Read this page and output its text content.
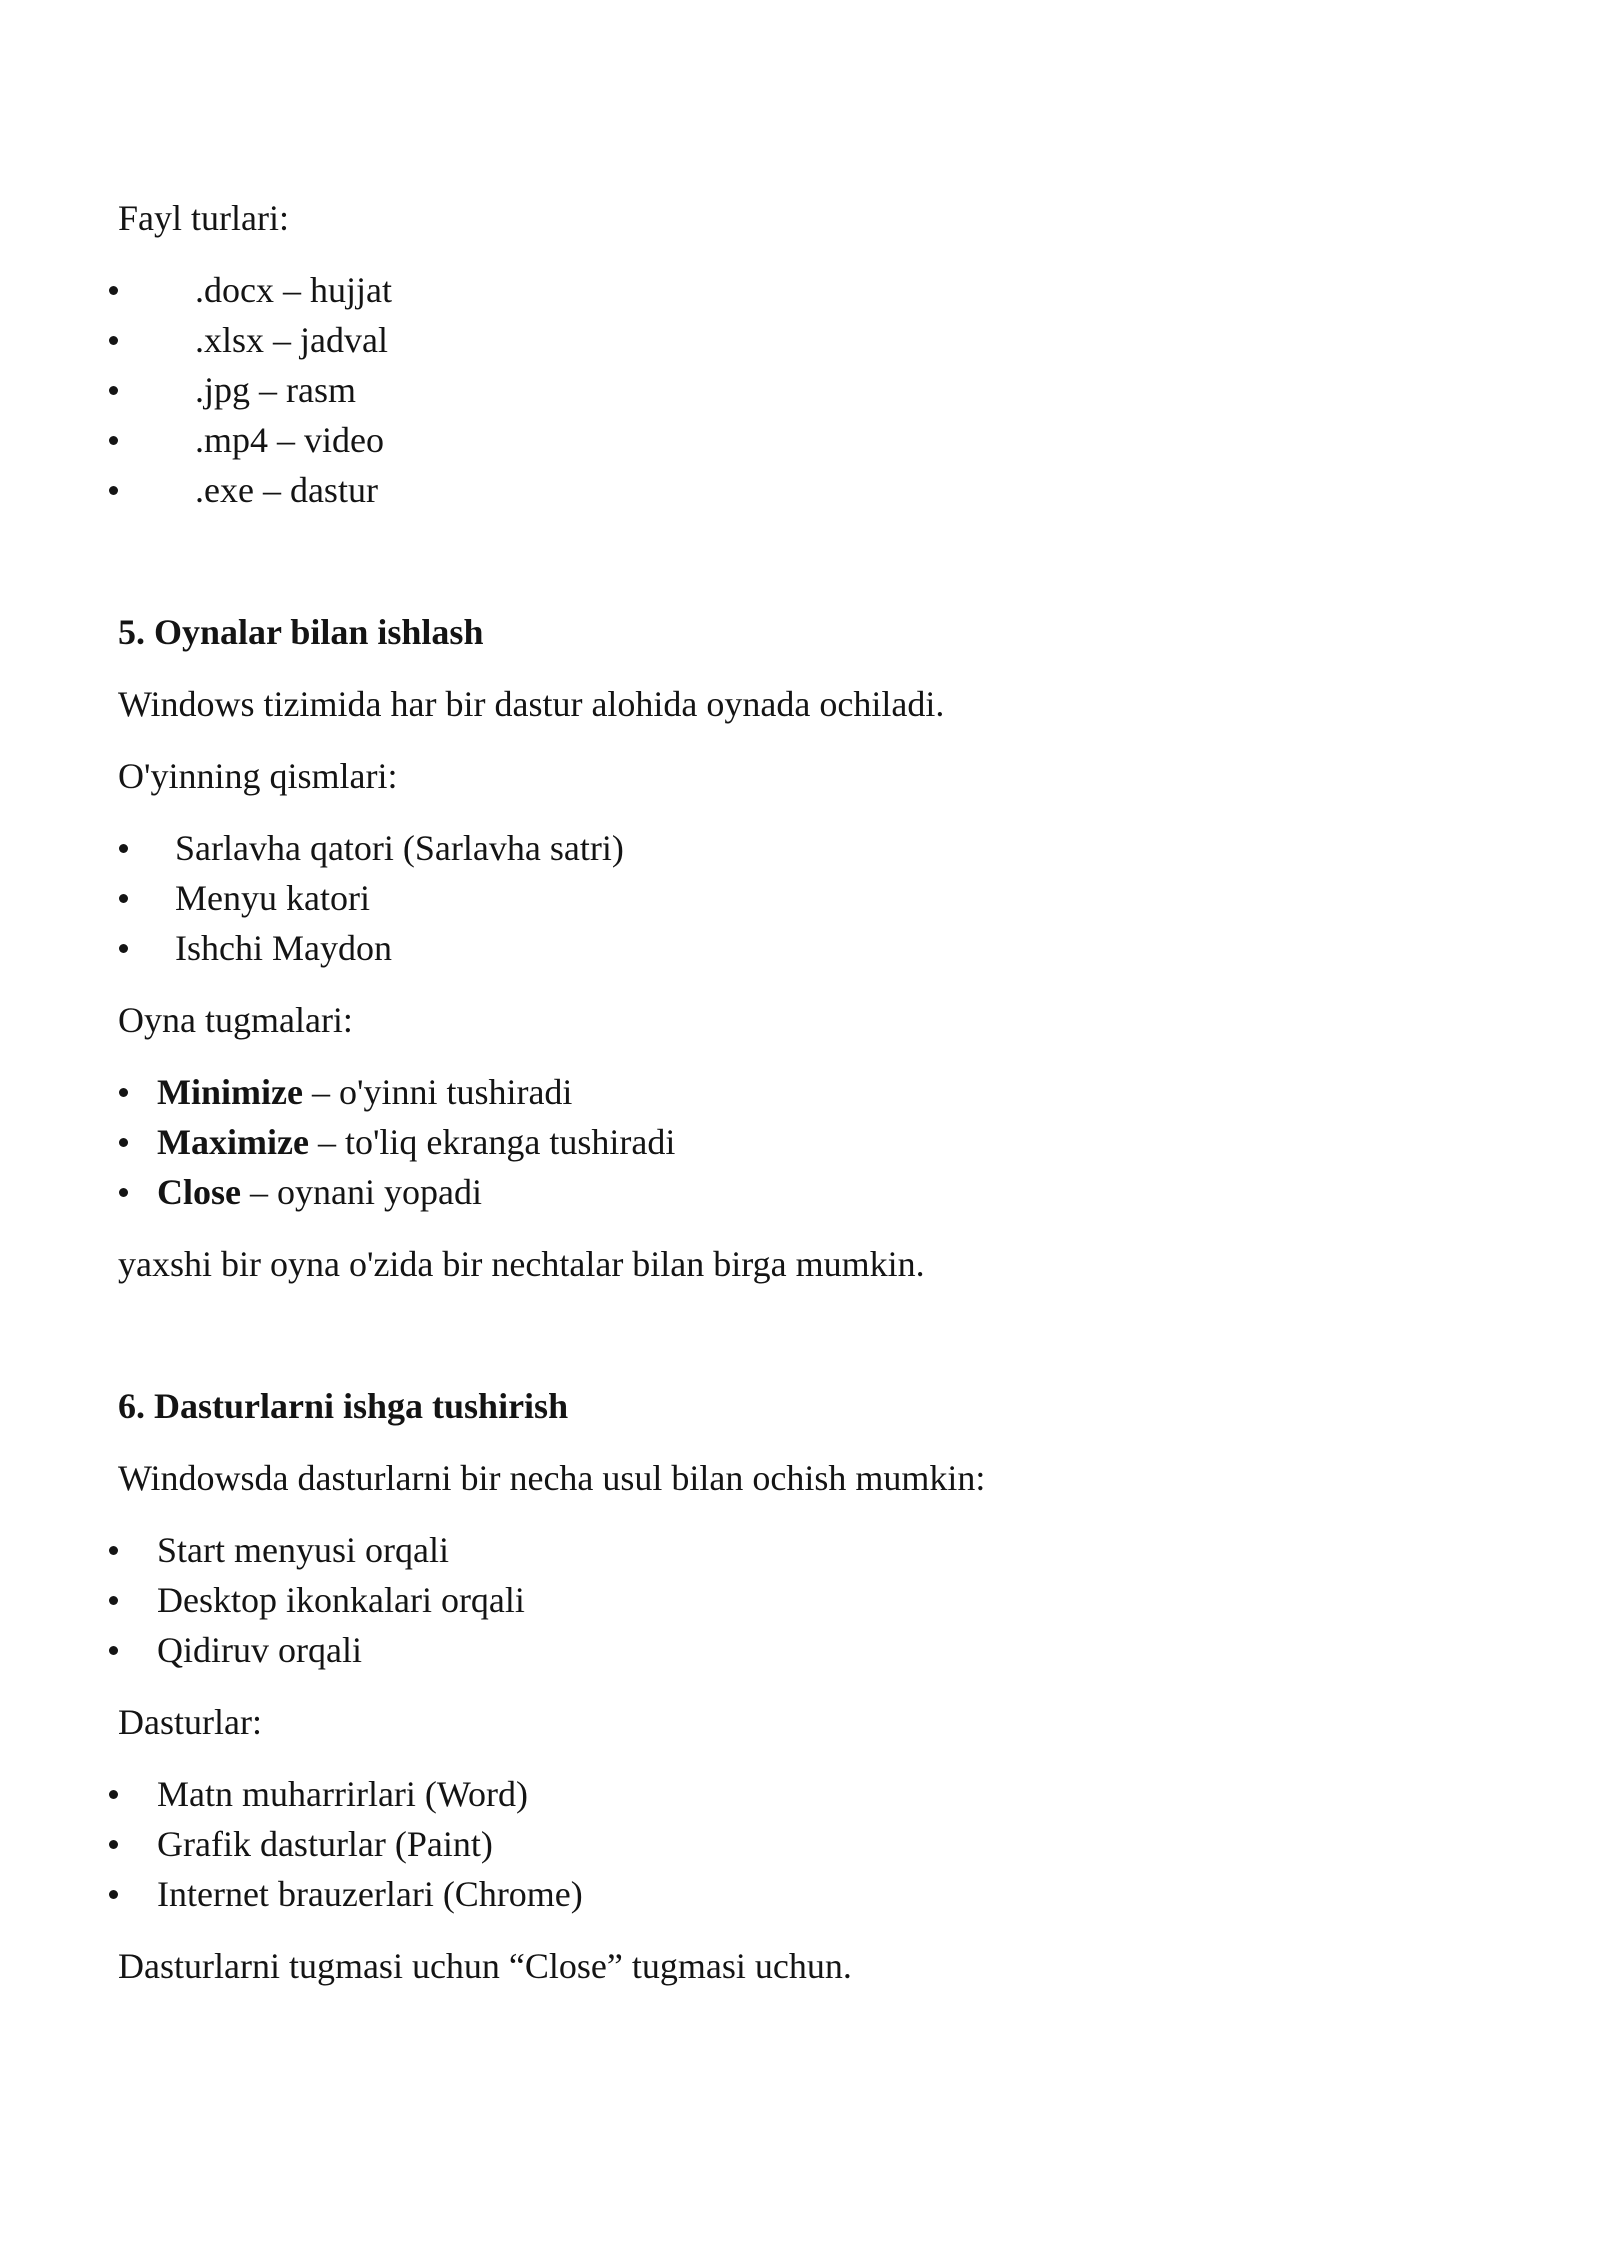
Fayl turlari:
.docx – hujjat
.xlsx – jadval
.jpg – rasm
.mp4 – video
.exe – dastur
5. Oynalar bilan ishlash
Windows tizimida har bir dastur alohida oynada ochiladi.
O'yinning qismlari:
Sarlavha qatori (Sarlavha satri)
Menyu katori
Ishchi Maydon
Oyna tugmalari:
Minimize – o'yinni tushiradi
Maximize – to'liq ekranga tushiradi
Close – oynani yopadi
yaxshi bir oyna o'zida bir nechtalar bilan birga mumkin.
6. Dasturlarni ishga tushirish
Windowsda dasturlarni bir necha usul bilan ochish mumkin:
Start menyusi orqali
Desktop ikonkalari orqali
Qidiruv orqali
Dasturlar:
Matn muharrirlari (Word)
Grafik dasturlar (Paint)
Internet brauzerlari (Chrome)
Dasturlarni tugmasi uchun “Close” tugmasi uchun.
